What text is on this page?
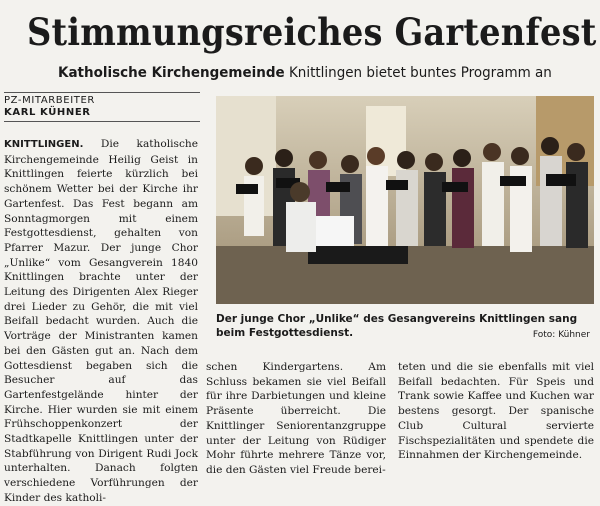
Stimmungsreiches Gartenfest
Katholische Kirchengemeinde Knittlingen bietet buntes Programm an
PZ-MITARBEITER
KARL KÜHNER

KNITTLINGEN. Die katholische Kirchengemeinde Heilig Geist in Knittlingen feierte kürzlich bei schönem Wetter bei der Kirche ihr Gartenfest. Das Fest begann am Sonntagmorgen mit einem Festgottesdienst, gehalten von Pfarrer Mazur. Der junge Chor „Unlike“ vom Gesangverein 1840 Knittlingen brachte unter der Leitung des Dirigenten Alex Rieger drei Lieder zu Gehör, die mit viel Beifall bedacht wurden. Auch die Vorträge der Ministranten kamen bei den Gästen gut an. Nach dem Gottesdienst begaben sich die Besucher auf das Gartenfestgelände hinter der Kirche. Hier wurden sie mit einem Frühschoppenkonzert der Stadtkapelle Knittlingen unter der Stabführung von Dirigent Rudi Jock unterhalten. Danach folgten verschiedene Vorführungen der Kinder des katholi-

Der junge Chor „Unlike“ des Gesangvereins Knittlingen sang beim Festgottesdienst.	Foto: Kühner

schen Kindergartens. Am Schluss bekamen sie viel Beifall für ihre Darbietungen und kleine Präsente überreicht. Die Knittlinger Seniorentanzgruppe unter der Leitung von Rüdiger Mohr führte mehrere Tänze vor, die den Gästen viel Freude berei-

teten und die sie ebenfalls mit viel Beifall bedachten. Für Speis und Trank sowie Kaffee und Kuchen war bestens gesorgt. Der spanische Club Cultural servierte Fischspezialitäten und spendete die Einnahmen der Kirchengemeinde.
